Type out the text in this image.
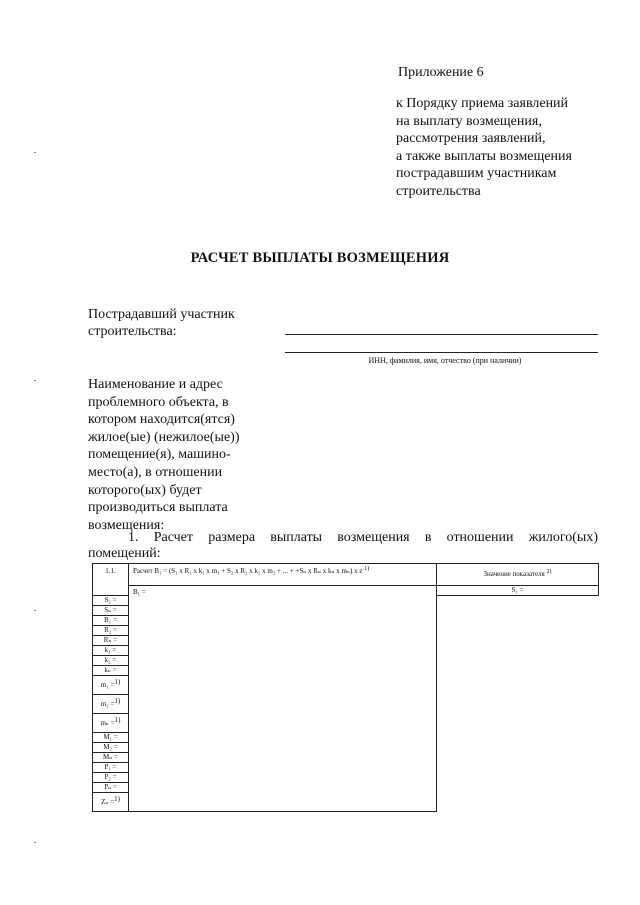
Приложение 6
к Порядку приема заявлений
на выплату возмещения,
рассмотрения заявлений,
а также выплаты возмещения
пострадавшим участникам
строительства
РАСЧЕТ ВЫПЛАТЫ ВОЗМЕЩЕНИЯ
Пострадавший участник
строительства:
ИНН, фамилия, имя, отчество (при наличии)
Наименование и адрес
проблемного объекта, в
котором находится(ятся)
жилое(ые) (нежилое(ые))
помещение(я), машино-
место(а), в отношении
которого(ых) будет
производиться выплата
возмещения:
1. Расчет размера выплаты возмещения в отношении жилого(ых)
помещений:
1.1.	Расчет В₁ = (S₁ x R₁ x k₁ x m₁ + S₂ x R₂ x k₂ x m₂ + ... + +Sₙ x Rₙ x kₙ x mₙ) x z $^{1)}$	Значение показателя $^{2)}$
	В₁ =	S₁ =
S₂ =		
Sₙ =		
R₁ =		
R₂ =		
Rₙ =		
k₁ =		
k₂ =		
kₙ =		
m₁ =$^{1)}$
m₂ =$^{1)}$
mₙ =$^{1)}$
M₁ =		
M₂ =		
Mₙ =		
P₁ =		
P₂ =		
Pₙ =		
Zₙ =$^{1)}$
